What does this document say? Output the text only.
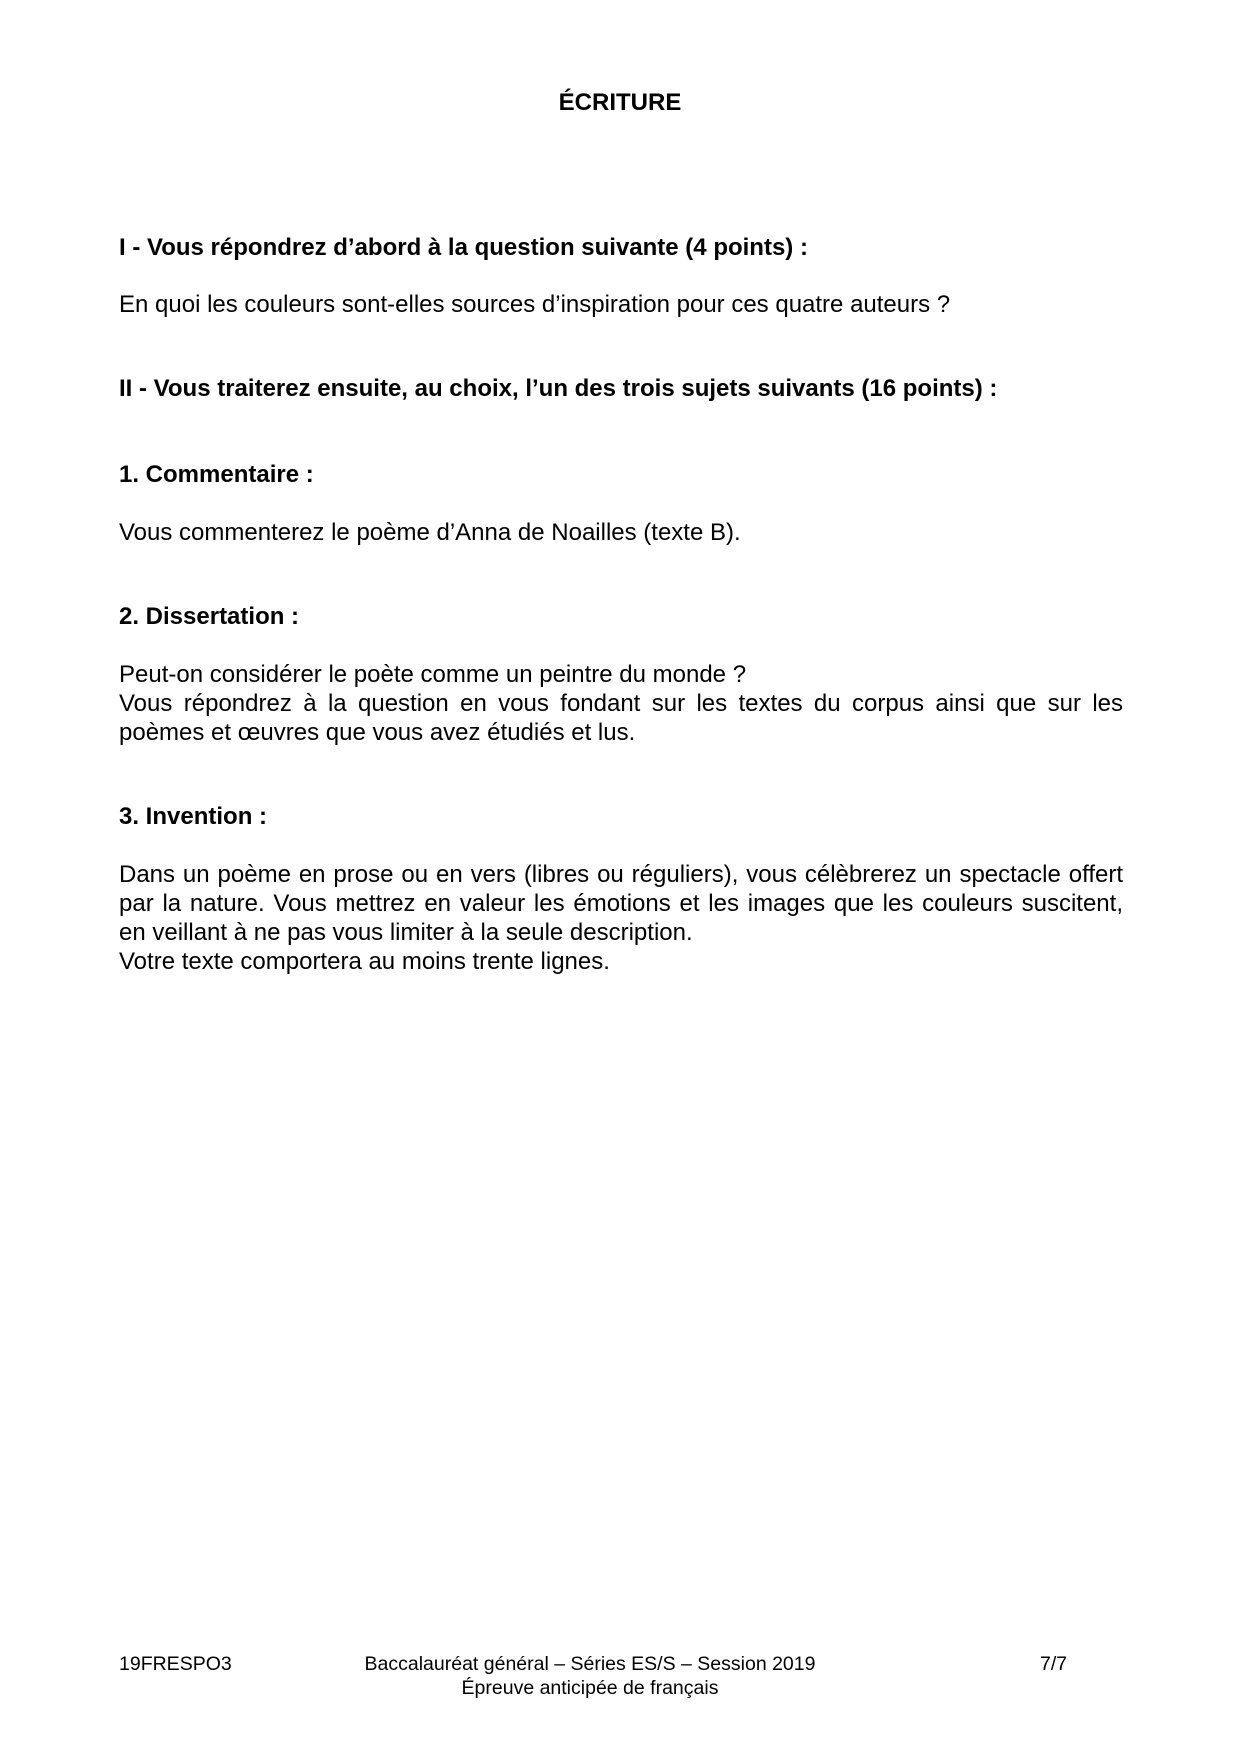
ÉCRITURE
I - Vous répondrez d’abord à la question suivante (4 points) :
En quoi les couleurs sont-elles sources d’inspiration pour ces quatre auteurs ?
II - Vous traiterez ensuite, au choix, l’un des trois sujets suivants (16 points) :
1. Commentaire :
Vous commenterez le poème d’Anna de Noailles (texte B).
2. Dissertation :

Peut-on considérer le poète comme un peintre du monde ?

Vous répondrez à la question en vous fondant sur les textes du corpus ainsi que sur les poèmes et œuvres que vous avez étudiés et lus.

3. Invention :

Dans un poème en prose ou en vers (libres ou réguliers), vous célèbrerez un spectacle offert par la nature. Vous mettrez en valeur les émotions et les images que les couleurs suscitent, en veillant à ne pas vous limiter à la seule description.

Votre texte comportera au moins trente lignes.

19FRESPO3	Baccalauréat général – Séries ES/S – Session 2019
Épreuve anticipée de français
7/7
